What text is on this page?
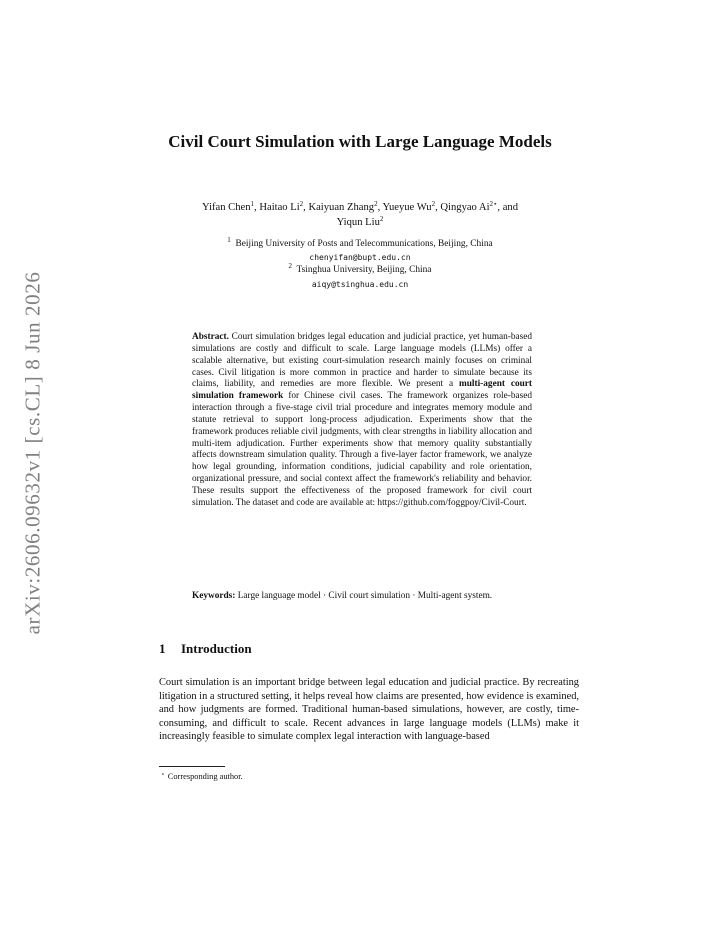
arXiv:2606.09632v1 [cs.CL] 8 Jun 2026
Civil Court Simulation with Large Language Models
Yifan Chen$^1$, Haitao Li$^2$, Kaiyuan Zhang$^2$, Yueyue Wu$^2$, Qingyao $Ai^{2⋆}$, and
Yiqun Liu$^2$
$^1$ Beijing University of Posts and Telecommunications, Beijing, China
chenyifan@bupt.edu.cn
$^2$ Tsinghua University, Beijing, China
aiqy@tsinghua.edu.cn
Abstract. Court simulation bridges legal education and judicial practice, yet human-based simulations are costly and difficult to scale. Large language models (LLMs) offer a scalable alternative, but existing court-simulation research mainly focuses on criminal cases. Civil litigation is more common in practice and harder to simulate because its claims, liability, and remedies are more flexible. We present a multi-agent court simulation framework for Chinese civil cases. The framework organizes role-based interaction through a five-stage civil trial procedure and integrates memory module and statute retrieval to support long-process adjudication. Experiments show that the framework produces reliable civil judgments, with clear strengths in liability allocation and multi-item adjudication. Further experiments show that memory quality substantially affects downstream simulation quality. Through a five-layer factor framework, we analyze how legal grounding, information conditions, judicial capability and role orientation, organizational pressure, and social context affect the framework's reliability and behavior. These results support the effectiveness of the proposed framework for civil court simulation. The dataset and code are available at: https://github.com/foggpoy/Civil-Court.
Keywords: Large language model · Civil court simulation · Multi-agent system.
1 Introduction
Court simulation is an important bridge between legal education and judicial practice. By recreating litigation in a structured setting, it helps reveal how claims are presented, how evidence is examined, and how judgments are formed. Traditional human-based simulations, however, are costly, time-consuming, and difficult to scale. Recent advances in large language models (LLMs) make it increasingly feasible to simulate complex legal interaction with language-based
⋆ Corresponding author.
